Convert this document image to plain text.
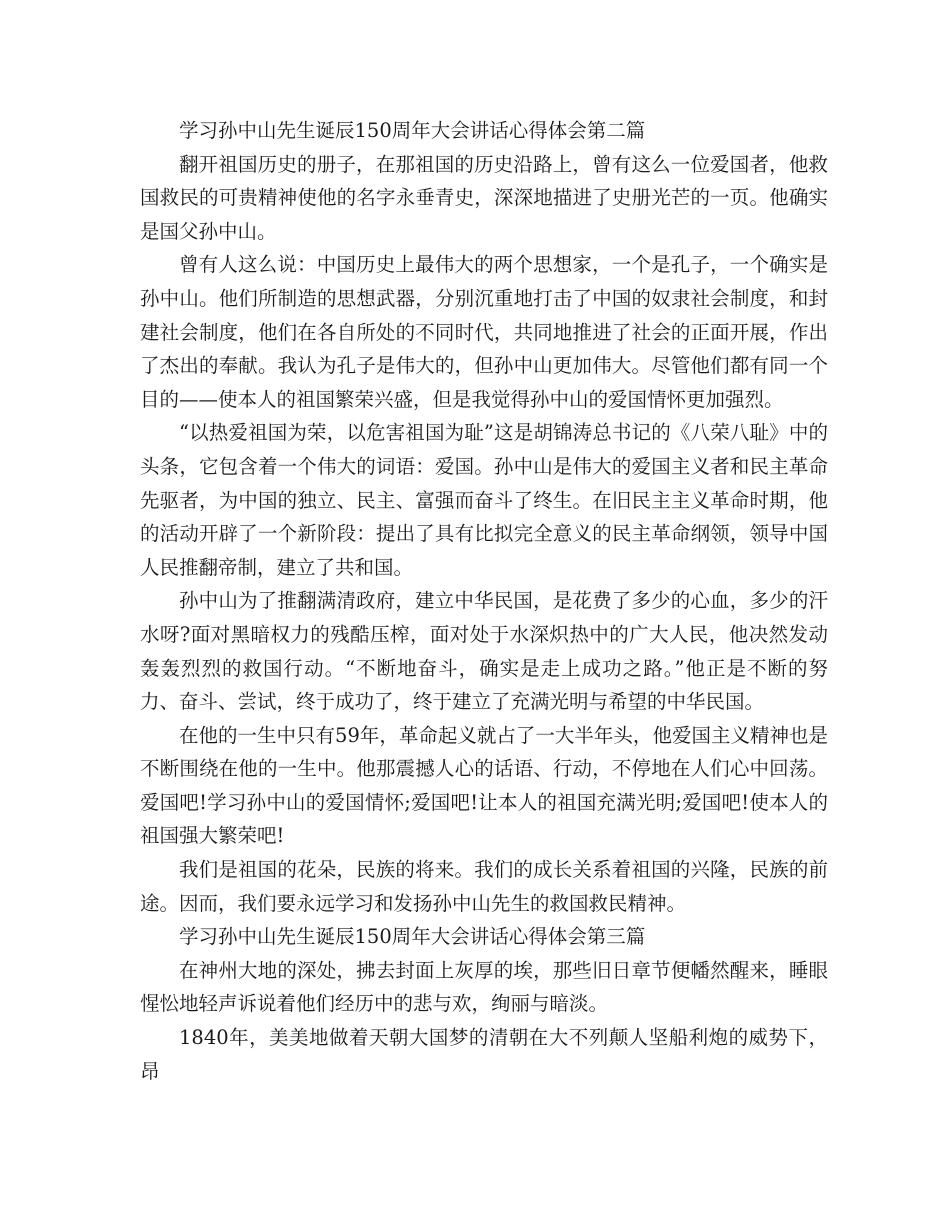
学习孙中山先生诞辰150周年大会讲话心得体会第二篇

翻开祖国历史的册子，在那祖国的历史沿路上，曾有这么一位爱国者，他救国救民的可贵精神使他的名字永垂青史，深深地描进了史册光芒的一页。他确实是国父孙中山。

曾有人这么说：中国历史上最伟大的两个思想家，一个是孔子，一个确实是孙中山。他们所制造的思想武器，分别沉重地打击了中国的奴隶社会制度，和封建社会制度，他们在各自所处的不同时代，共同地推进了社会的正面开展，作出了杰出的奉献。我认为孔子是伟大的，但孙中山更加伟大。尽管他们都有同一个目的——使本人的祖国繁荣兴盛，但是我觉得孙中山的爱国情怀更加强烈。

“以热爱祖国为荣，以危害祖国为耻”这是胡锦涛总书记的《八荣八耻》中的头条，它包含着一个伟大的词语：爱国。孙中山是伟大的爱国主义者和民主革命先驱者，为中国的独立、民主、富强而奋斗了终生。在旧民主主义革命时期，他的活动开辟了一个新阶段：提出了具有比拟完全意义的民主革命纲领，领导中国人民推翻帝制，建立了共和国。

孙中山为了推翻满清政府，建立中华民国，是花费了多少的心血，多少的汗水呀?面对黑暗权力的残酷压榨，面对处于水深炽热中的广大人民，他决然发动轰轰烈烈的救国行动。“不断地奋斗，确实是走上成功之路。”他正是不断的努力、奋斗、尝试，终于成功了，终于建立了充满光明与希望的中华民国。

在他的一生中只有59年，革命起义就占了一大半年头，他爱国主义精神也是不断围绕在他的一生中。他那震撼人心的话语、行动，不停地在人们心中回荡。爱国吧!学习孙中山的爱国情怀;爱国吧!让本人的祖国充满光明;爱国吧!使本人的祖国强大繁荣吧!

我们是祖国的花朵，民族的将来。我们的成长关系着祖国的兴隆，民族的前途。因而，我们要永远学习和发扬孙中山先生的救国救民精神。

学习孙中山先生诞辰150周年大会讲话心得体会第三篇

在神州大地的深处，拂去封面上灰厚的埃，那些旧日章节便幡然醒来，睡眼惺忪地轻声诉说着他们经历中的悲与欢，绚丽与暗淡。

1840年，美美地做着天朝大国梦的清朝在大不列颠人坚船利炮的威势下，昂
